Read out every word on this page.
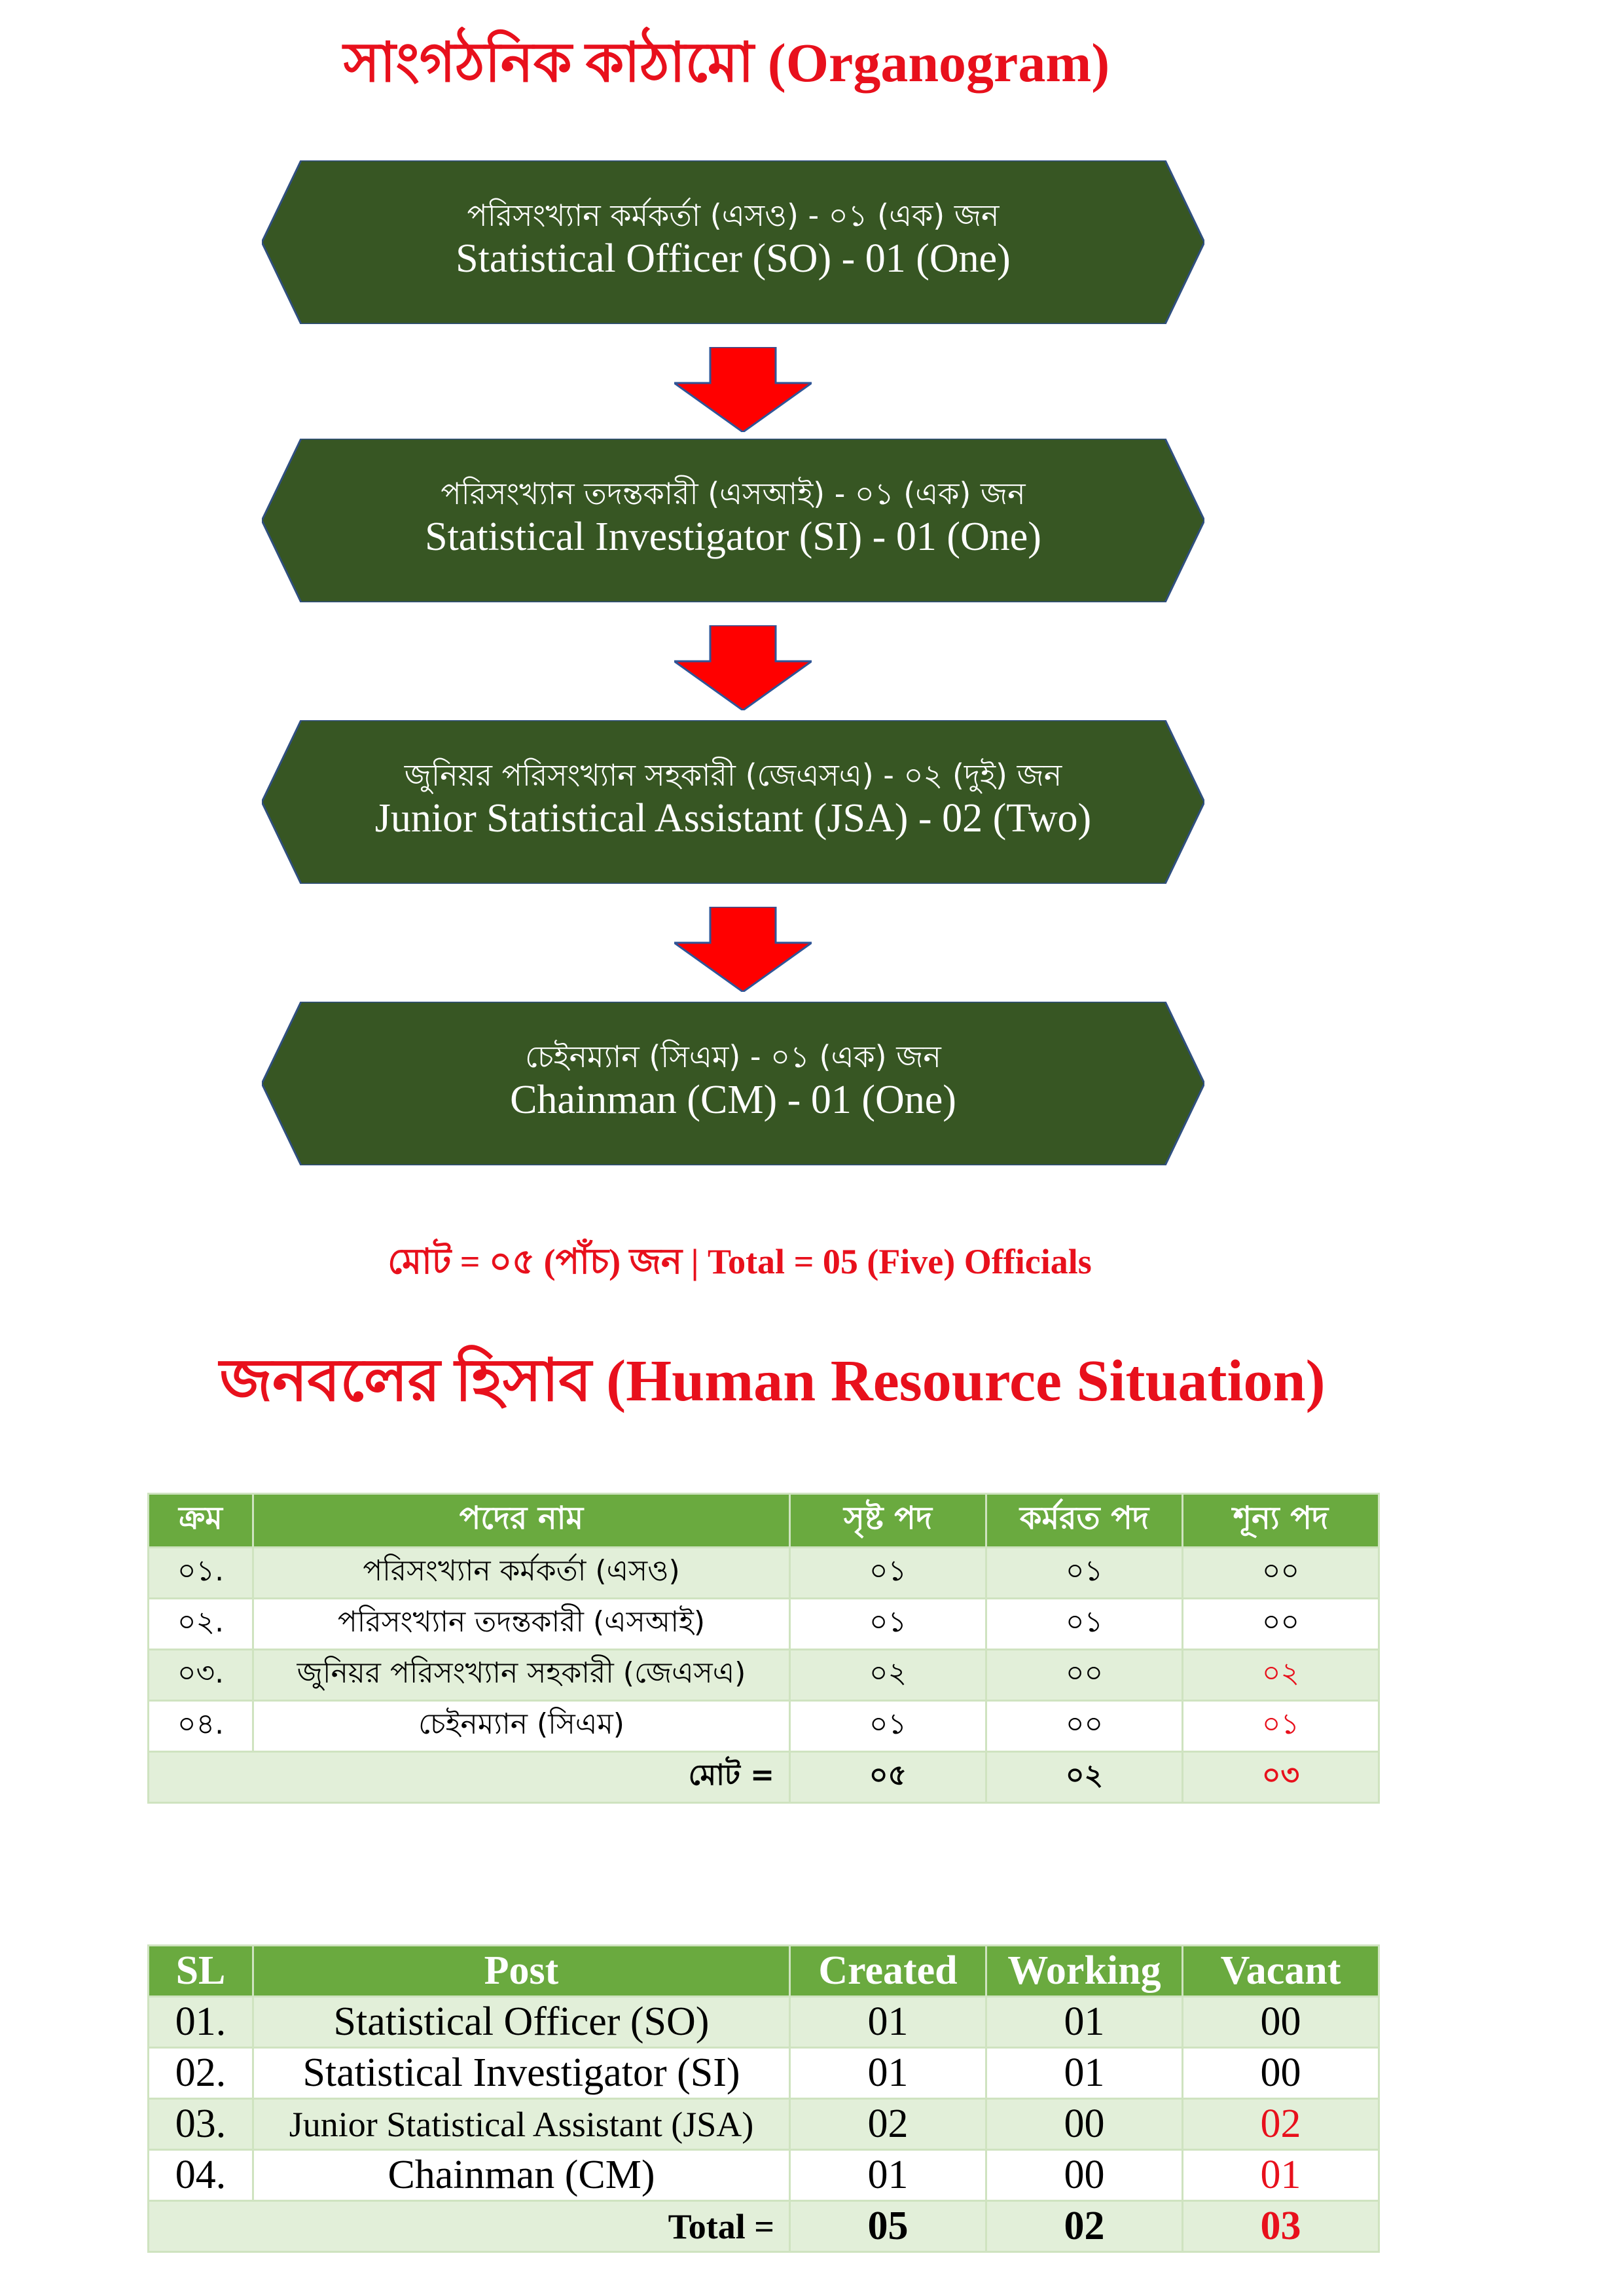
সাংগঠনিক কাঠামো (Organogram)
পরিসংখ্যান কর্মকর্তা (এসও) - ০১ (এক) জন
Statistical Officer (SO) - 01 (One)
পরিসংখ্যান তদন্তকারী (এসআই) - ০১ (এক) জন
Statistical Investigator (SI) - 01 (One)
জুনিয়র পরিসংখ্যান সহকারী (জেএসএ) - ০২ (দুই) জন
Junior Statistical Assistant (JSA) - 02 (Two)
চেইনম্যান (সিএম) - ০১ (এক) জন
Chainman (CM) - 01 (One)
মোট = ০৫ (পাঁচ) জন | Total = 05 (Five) Officials
জনবলের হিসাব (Human Resource Situation)
ক্রম	পদের নাম	সৃষ্ট পদ	কর্মরত পদ	শূন্য পদ
০১.	পরিসংখ্যান কর্মকর্তা (এসও)	০১	০১	০০
০২.	পরিসংখ্যান তদন্তকারী (এসআই)	০১	০১	০০
০৩.	জুনিয়র পরিসংখ্যান সহকারী (জেএসএ)	০২	০০	০২
০৪.	চেইনম্যান (সিএম)	০১	০০	০১
মোট =		০৫	০২	০৩
SL	Post	Created	Working	Vacant
01.	Statistical Officer (SO)	01	01	00
02.	Statistical Investigator (SI)	01	01	00
03.	Junior Statistical Assistant (JSA)	02	00	02
04.	Chainman (CM)	01	00	01
Total =		05	02	03
